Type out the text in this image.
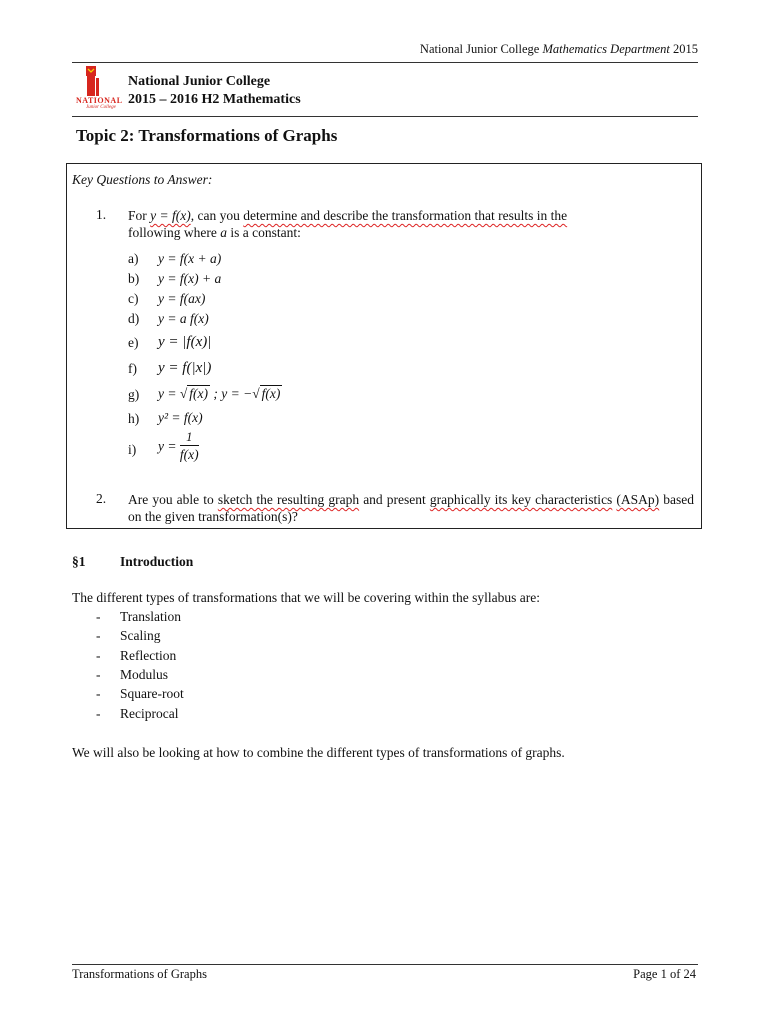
National Junior College Mathematics Department 2015
NATIONAL
Junior College
National Junior College
2015 – 2016 H2 Mathematics
Topic 2: Transformations of Graphs
Key Questions to Answer:
1. For y = f(x), can you determine and describe the transformation that results in the
following where a is a constant:
a) y = f(x + a)
b) y = f(x) + a
c) y = f(ax)
d) y = a f(x)
e) y = |f(x)|
f) y = f(|x|)
g) y = √ f(x) ; y = −√ f(x)
h) y² = f(x)
i) $y = \frac{1}{f(x)}$
2. Are you able to sketch the resulting graph and present graphically its key characteristics (ASAp) based on the given transformation(s)?
§1	Introduction
The different types of transformations that we will be covering within the syllabus are:
- Translation
- Scaling
- Reflection
- Modulus
- Square-root
- Reciprocal
We will also be looking at how to combine the different types of transformations of graphs.
Transformations of Graphs	Page 1 of 24
